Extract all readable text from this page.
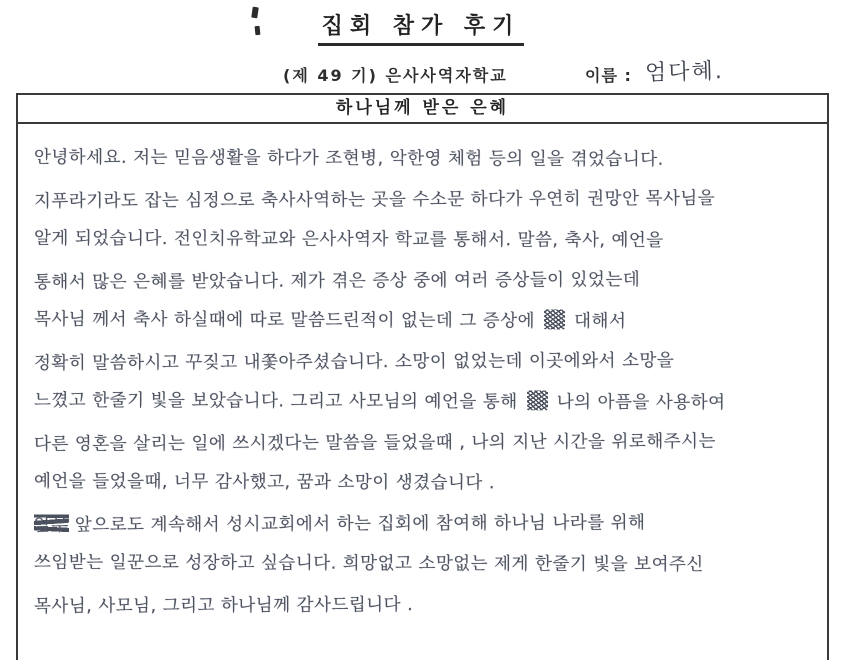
집회 참가 후기
(제 49 기) 은사사역자학교	이름 : 엄다혜.
하나님께 받은 은혜
안녕하세요. 저는 믿음생활을 하다가 조현병, 악한영 체험 등의 일을 겪었습니다.
지푸라기라도 잡는 심정으로 축사사역하는 곳을 수소문 하다가 우연히 권망안 목사님을
알게 되었습니다. 전인치유학교와 은사사역자 학교를 통해서. 말씀, 축사, 예언을
통해서 많은 은혜를 받았습니다. 제가 겪은 증상 중에 여러 증상들이 있었는데
목사님 께서 축사 하실때에 따로 말씀드린적이 없는데 그 증상에  대해서
정확히 말씀하시고 꾸짖고 내쫓아주셨습니다. 소망이 없었는데 이곳에와서 소망을
느꼈고 한줄기 빛을 보았습니다. 그리고 사모님의 예언을 통해  나의 아픔을 사용하여
다른 영혼을 살리는 일에 쓰시겠다는 말씀을 들었을때 , 나의 지난 시간을 위로해주시는
예언을 들었을때, 너무 감사했고, 꿈과 소망이 생겼습니다 .
앞부 앞으로도 계속해서 성시교회에서 하는 집회에 참여해 하나님 나라를 위해
쓰임받는 일꾼으로 성장하고 싶습니다. 희망없고 소망없는 제게 한줄기 빛을 보여주신
목사님, 사모님, 그리고 하나님께 감사드립니다 .
